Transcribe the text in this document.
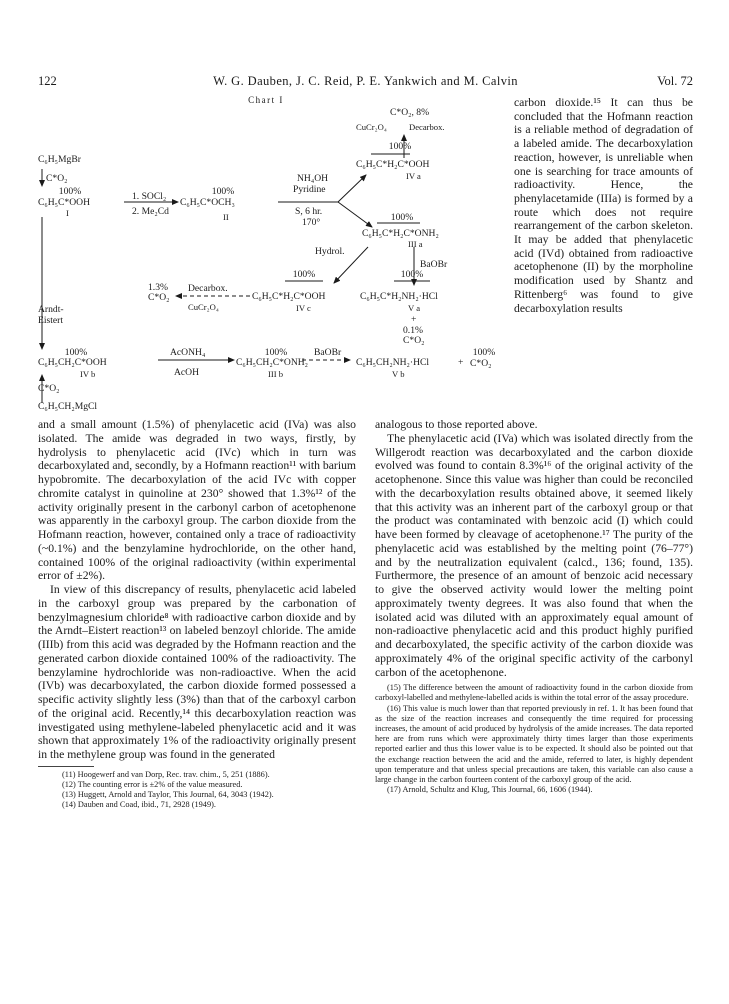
122	W. G. Dauben, J. C. Reid, P. E. Yankwich and M. Calvin	Vol. 72
Chart I
C*O₂, 8%
CuCr₂O₄	Decarbox.
100%
C₆H₅C*H₂C*OOH
IV a
C₆H₅MgBr
C*O₂
100%
C₆H₅C*OOH
I
1. SOCl₂
2. Me₂Cd
100%
C₆H₅C*OCH₃
II
NH₄OH
Pyridine
S, 6 hr.
170°	100%
C₆H₅C*H₂C*ONH₂
III a
Hydrol.
BaOBr
100%
C₆H₅C*H₂C*OOH
IV c
1.3%
C*O₂
Decarbox.
CuCr₂O₄
100%
C₆H₅C*H₂NH₂·HCl
V a
+
0.1%
C*O₂
Arndt-
Eistert
100%
C₆H₅CH₂C*OOH
IV b
AcONH₄
AcOH
100%
C₆H₅CH₂C*ONH₂
III b
BaOBr
C₆H₅CH₂NH₂·HCl
V b
+
100%
C*O₂
C*O₂
C₆H₅CH₂MgCl

carbon dioxide.¹⁵ It can thus be concluded that the Hofmann reaction is a reliable method of degradation of a labeled amide. The decarboxylation reaction, however, is unreliable when one is searching for trace amounts of radioactivity. Hence, the phenylacetamide (IIIa) is formed by a route which does not require rearrangement of the carbon skeleton. It may be added that phenylacetic acid (IVd) obtained from radioactive acetophenone (II) by the morpholine modification used by Shantz and Rittenberg⁶ was found to give decarboxylation results

and a small amount (1.5%) of phenylacetic acid (IVa) was also isolated. The amide was degraded in two ways, firstly, by hydrolysis to phenylacetic acid (IVc) which in turn was decarboxylated and, secondly, by a Hofmann reaction¹¹ with barium hypobromite. The decarboxylation of the acid IVc with copper chromite catalyst in quinoline at 230° showed that 1.3%¹² of the activity originally present in the carbonyl carbon of acetophenone was apparently in the carboxyl group. The carbon dioxide from the Hofmann reaction, however, contained only a trace of radioactivity (~0.1%) and the benzylamine hydrochloride, on the other hand, contained 100% of the original radioactivity (within experimental error of ±2%).

In view of this discrepancy of results, phenylacetic acid labeled in the carboxyl group was prepared by the carbonation of benzylmagnesium chloride⁸ with radioactive carbon dioxide and by the Arndt–Eistert reaction¹³ on labeled benzoyl chloride. The amide (IIIb) from this acid was degraded by the Hofmann reaction and the generated carbon dioxide contained 100% of the radioactivity. The benzylamine hydrochloride was non-radioactive. When the acid (IVb) was decarboxylated, the carbon dioxide formed possessed a specific activity slightly less (3%) than that of the carboxyl carbon of the original acid. Recently,¹⁴ this decarboxylation reaction was investigated using methylene-labeled phenylacetic acid and it was shown that approximately 1% of the radioactivity originally present in the methylene group was found in the generated

(11) Hoogewerf and van Dorp, Rec. trav. chim., 5, 251 (1886).

(12) The counting error is ±2% of the value measured.

(13) Huggett, Arnold and Taylor, This Journal, 64, 3043 (1942).

(14) Dauben and Coad, ibid., 71, 2928 (1949).

analogous to those reported above.

The phenylacetic acid (IVa) which was isolated directly from the Willgerodt reaction was decarboxylated and the carbon dioxide evolved was found to contain 8.3%¹⁶ of the original activity of the acetophenone. Since this value was higher than could be reconciled with the decarboxylation results obtained above, it seemed likely that this activity was an inherent part of the carboxyl group or that the product was contaminated with benzoic acid (I) which could have been formed by cleavage of acetophenone.¹⁷ The purity of the phenylacetic acid was established by the melting point (76–77°) and by the neutralization equivalent (calcd., 136; found, 135). Furthermore, the presence of an amount of benzoic acid necessary to give the observed activity would lower the melting point approximately twenty degrees. It was also found that when the isolated acid was diluted with an approximately equal amount of non-radioactive phenylacetic acid and this product highly purified and decarboxylated, the specific activity of the carbon dioxide was approximately 4% of the original specific activity of the carbonyl carbon of the acetophenone.

(15) The difference between the amount of radioactivity found in the carbon dioxide from carboxyl-labelled and methylene-labelled acids is within the total error of the assay procedure.

(16) This value is much lower than that reported previously in ref. 1. It has been found that as the size of the reaction increases and consequently the time required for processing increases, the amount of acid produced by hydrolysis of the amide increases. The data reported here are from runs which were approximately thirty times larger than those experiments reported earlier and thus this lower value is to be expected. It should also be pointed out that the exchange reaction between the acid and the amide, referred to later, is highly dependent upon temperature and that unless special precautions are taken, this variable can also cause a large change in the carbon fourteen content of the carboxyl group of the acid.

(17) Arnold, Schultz and Klug, This Journal, 66, 1606 (1944).
